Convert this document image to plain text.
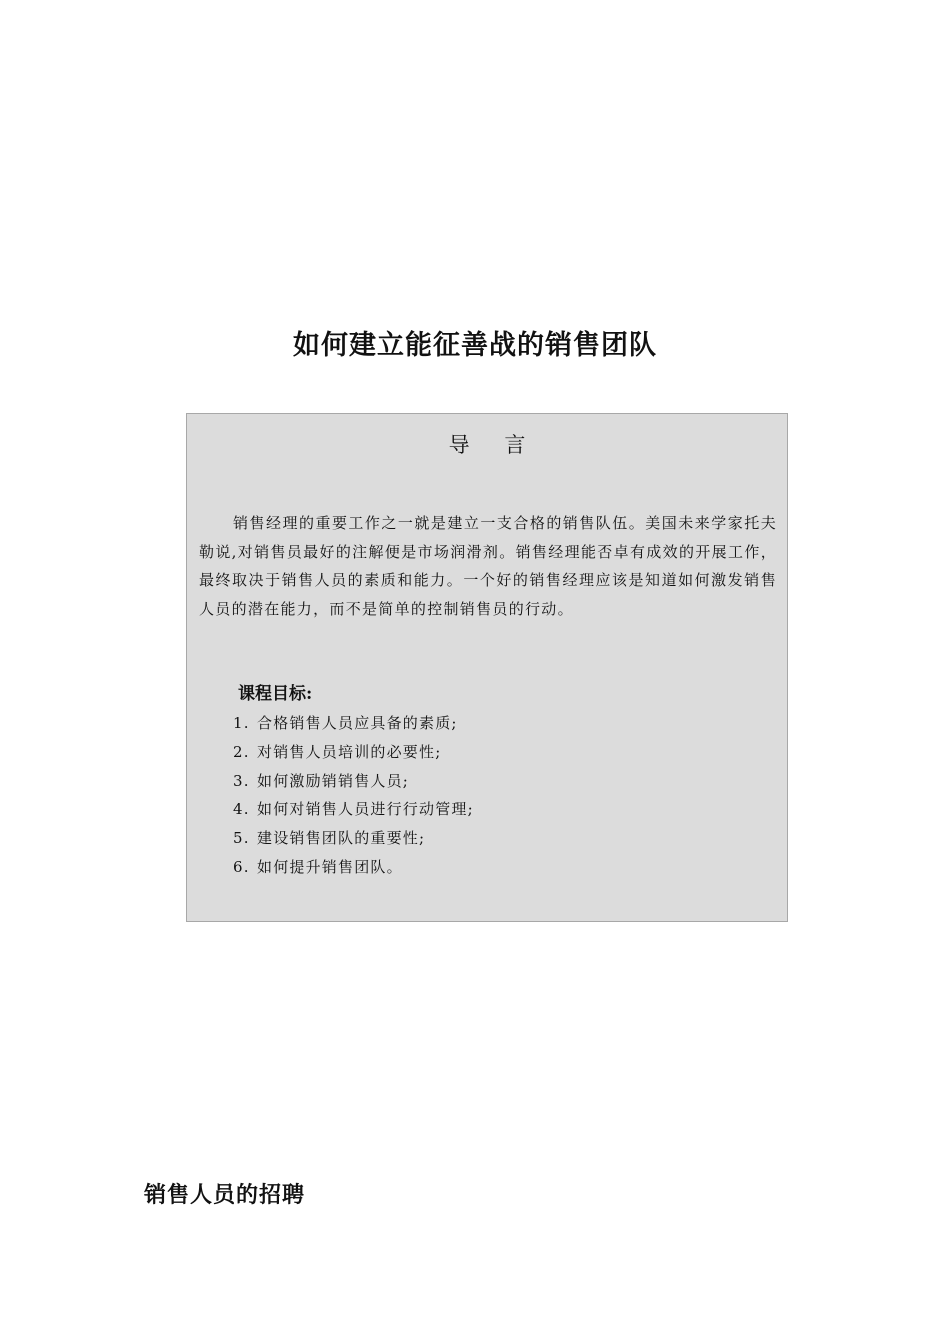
如何建立能征善战的销售团队
导 言

销售经理的重要工作之一就是建立一支合格的销售队伍。美国未来学家托夫勒说,对销售员最好的注解便是市场润滑剂。销售经理能否卓有成效的开展工作，最终取决于销售人员的素质和能力。一个好的销售经理应该是知道如何激发销售人员的潜在能力，而不是简单的控制销售员的行动。

课程目标:
1. 合格销售人员应具备的素质;
2. 对销售人员培训的必要性;
3. 如何激励销销售人员;
4. 如何对销售人员进行行动管理;
5. 建设销售团队的重要性;
6. 如何提升销售团队。
销售人员的招聘
